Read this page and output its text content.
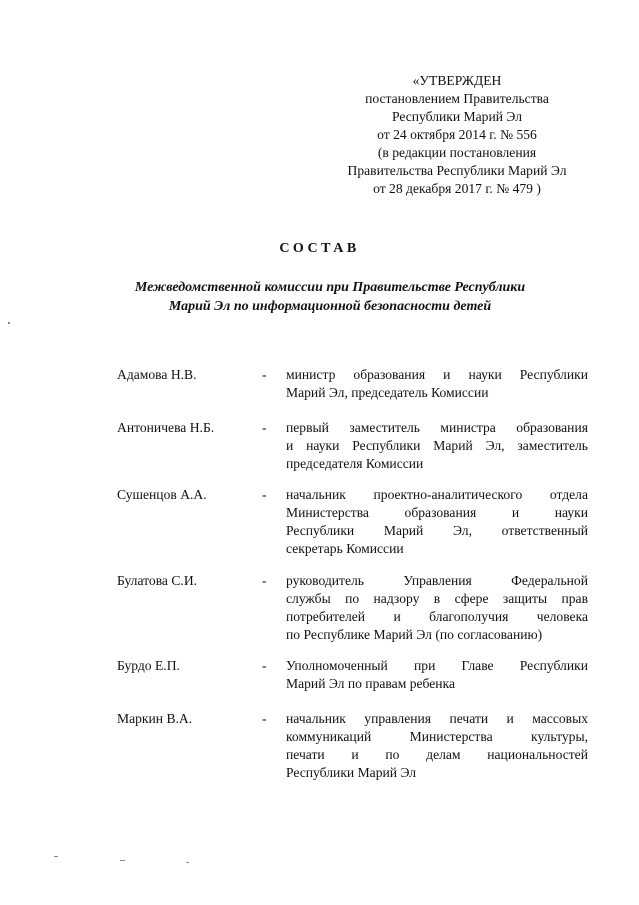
«УТВЕРЖДЕН
постановлением Правительства
Республики Марий Эл
от 24 октября 2014 г. № 556
(в редакции постановления
Правительства Республики Марий Эл
от 28 декабря 2017 г. № 479 )
СОСТАВ
Межведомственной комиссии при Правительстве Республики
Марий Эл по информационной безопасности детей
Адамова Н.В.	- министр образования и науки Республики
Марий Эл, председатель Комиссии
Антоничева Н.Б.	- первый заместитель министра образования
и науки Республики Марий Эл, заместитель
председателя Комиссии
Сушенцов А.А.	- начальник проектно-аналитического отдела
Министерства образования и науки
Республики Марий Эл, ответственный
секретарь Комиссии
Булатова С.И.	- руководитель Управления Федеральной
службы по надзору в сфере защиты прав
потребителей и благополучия человека
по Республике Марий Эл (по согласованию)
Бурдо Е.П.	- Уполномоченный при Главе Республики
Марий Эл по правам ребенка
Маркин В.А.	- начальник управления печати и массовых
коммуникаций Министерства культуры,
печати и по делам национальностей
Республики Марий Эл
